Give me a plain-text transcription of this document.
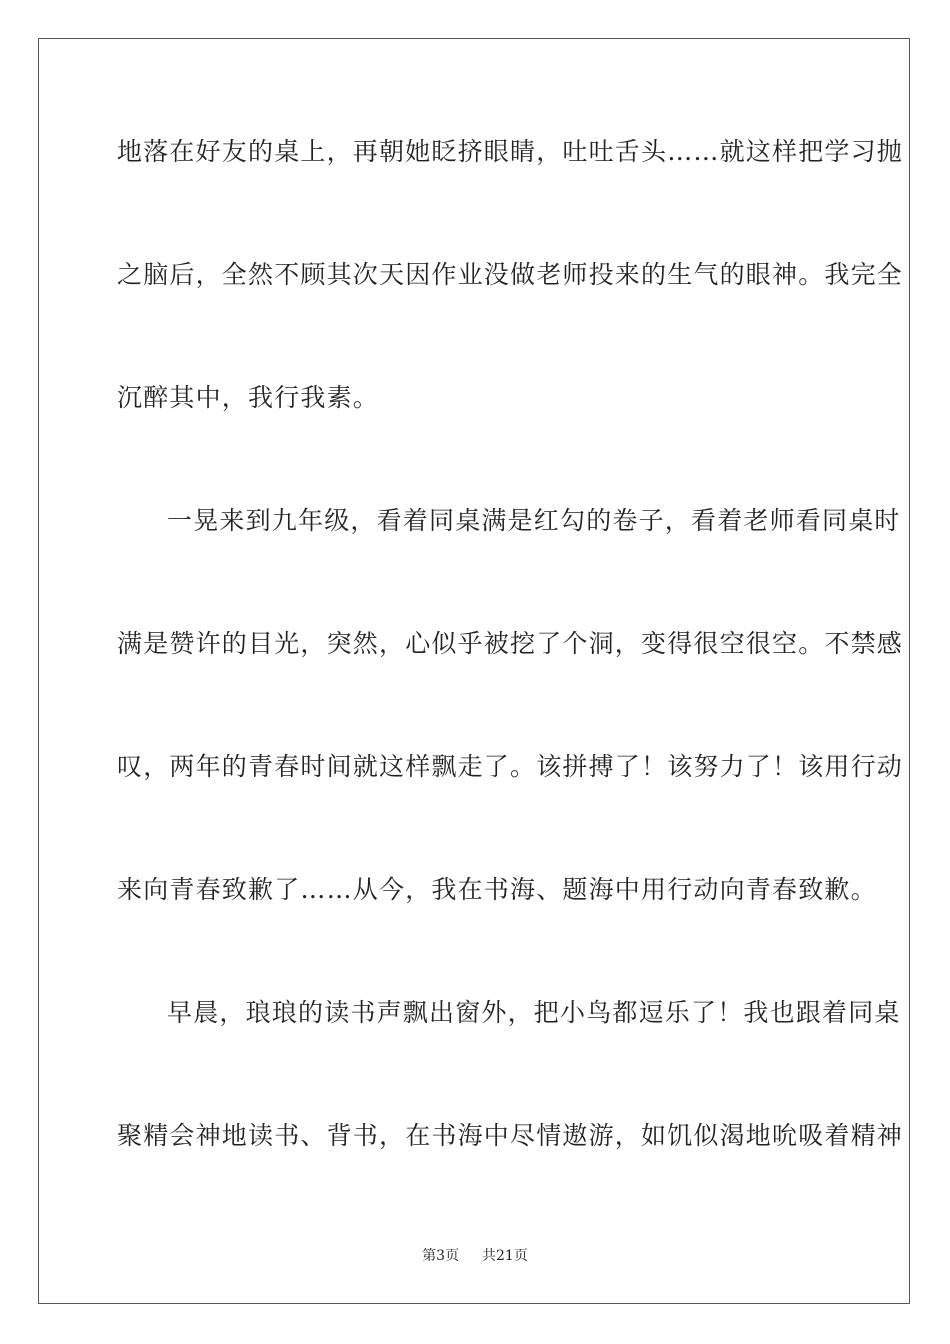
地落在好友的桌上，再朝她眨挤眼睛，吐吐舌头……就这样把学习抛
之脑后，全然不顾其次天因作业没做老师投来的生气的眼神。我完全
沉醉其中，我行我素。
一晃来到九年级，看着同桌满是红勾的卷子，看着老师看同桌时
满是赞许的目光，突然，心似乎被挖了个洞，变得很空很空。不禁感
叹，两年的青春时间就这样飘走了。该拼搏了！该努力了！该用行动
来向青春致歉了……从今，我在书海、题海中用行动向青春致歉。
早晨，琅琅的读书声飘出窗外，把小鸟都逗乐了！我也跟着同桌
聚精会神地读书、背书，在书海中尽情遨游，如饥似渴地吮吸着精神
第3页 共21页
